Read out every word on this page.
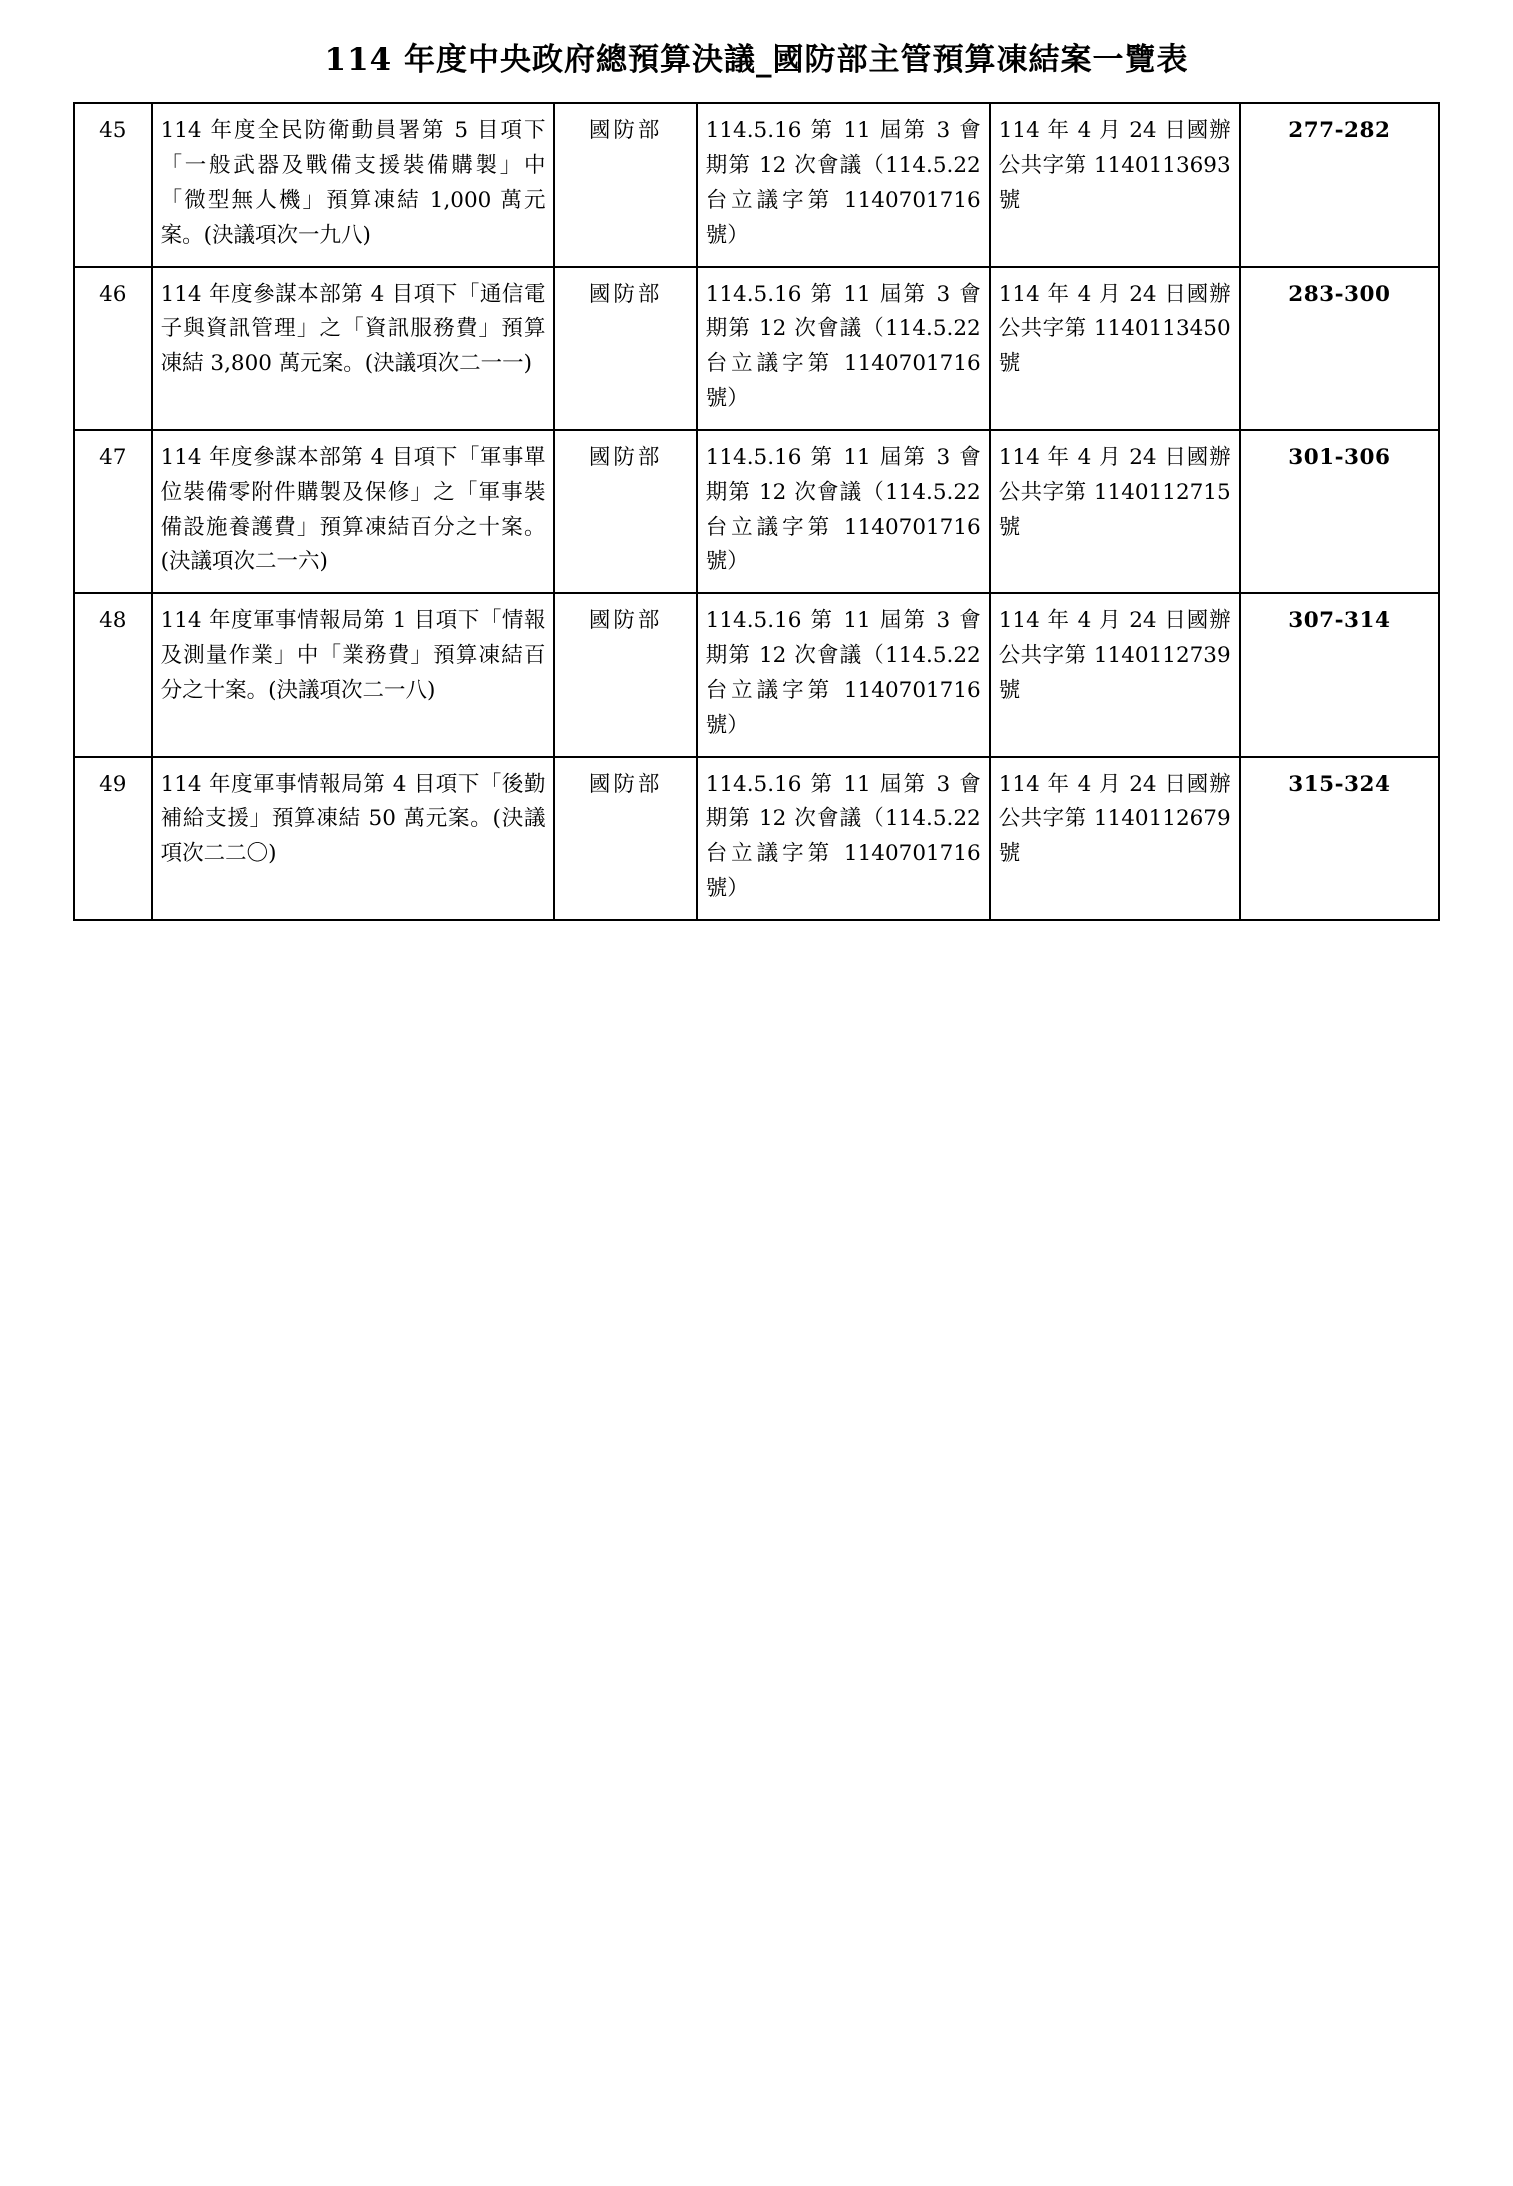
114 年度中央政府總預算決議_國防部主管預算凍結案一覽表
45	114 年度全民防衛動員署第 5 目項下「一般武器及戰備支援裝備購製」中「微型無人機」預算凍結 1,000 萬元案。(決議項次一九八)	國防部	114.5.16 第 11 屆第 3 會期第 12 次會議（114.5.22 台立議字第 1140701716 號）	114 年 4 月 24 日國辦公共字第 1140113693 號	277-282
46	114 年度參謀本部第 4 目項下「通信電子與資訊管理」之「資訊服務費」預算凍結 3,800 萬元案。(決議項次二一一)	國防部	114.5.16 第 11 屆第 3 會期第 12 次會議（114.5.22 台立議字第 1140701716 號）	114 年 4 月 24 日國辦公共字第 1140113450 號	283-300
47	114 年度參謀本部第 4 目項下「軍事單位裝備零附件購製及保修」之「軍事裝備設施養護費」預算凍結百分之十案。(決議項次二一六)	國防部	114.5.16 第 11 屆第 3 會期第 12 次會議（114.5.22 台立議字第 1140701716 號）	114 年 4 月 24 日國辦公共字第 1140112715 號	301-306
48	114 年度軍事情報局第 1 目項下「情報及測量作業」中「業務費」預算凍結百分之十案。(決議項次二一八)	國防部	114.5.16 第 11 屆第 3 會期第 12 次會議（114.5.22 台立議字第 1140701716 號）	114 年 4 月 24 日國辦公共字第 1140112739 號	307-314
49	114 年度軍事情報局第 4 目項下「後勤補給支援」預算凍結 50 萬元案。(決議項次二二〇)	國防部	114.5.16 第 11 屆第 3 會期第 12 次會議（114.5.22 台立議字第 1140701716 號）	114 年 4 月 24 日國辦公共字第 1140112679 號	315-324
